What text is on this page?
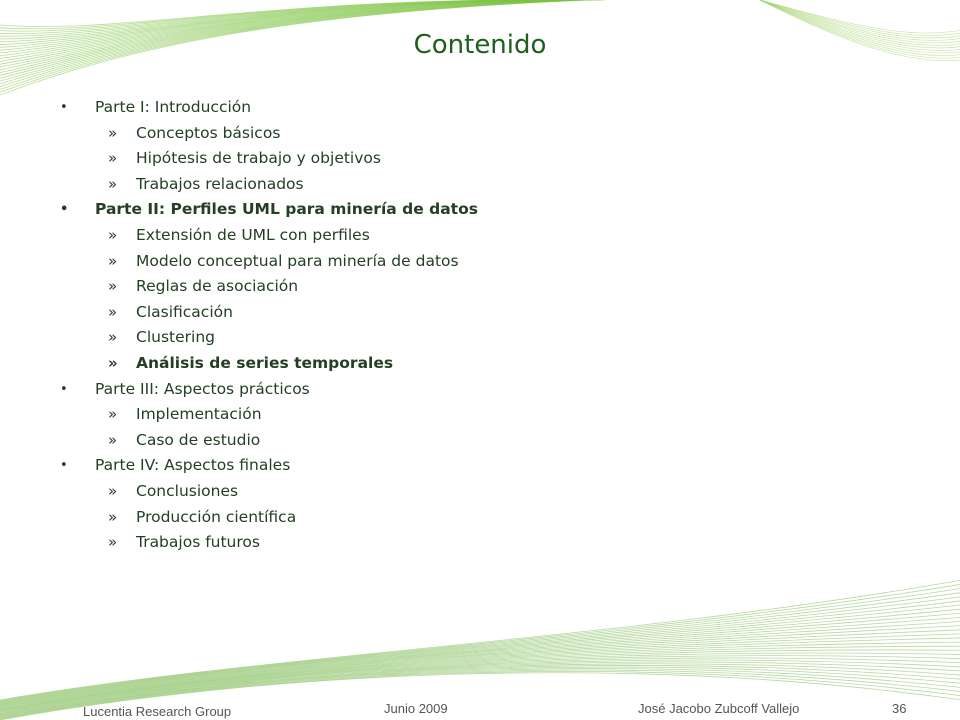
Contenido
• Parte I: Introducción
» Conceptos básicos
» Hipótesis de trabajo y objetivos
» Trabajos relacionados
• Parte II: Perfiles UML para minería de datos
» Extensión de UML con perfiles
» Modelo conceptual para minería de datos
» Reglas de asociación
» Clasificación
» Clustering
» Análisis de series temporales
• Parte III: Aspectos prácticos
» Implementación
» Caso de estudio
• Parte IV: Aspectos finales
» Conclusiones
» Producción científica
» Trabajos futuros
Lucentia Research Group	Junio 2009	José Jacobo Zubcoff Vallejo	36
